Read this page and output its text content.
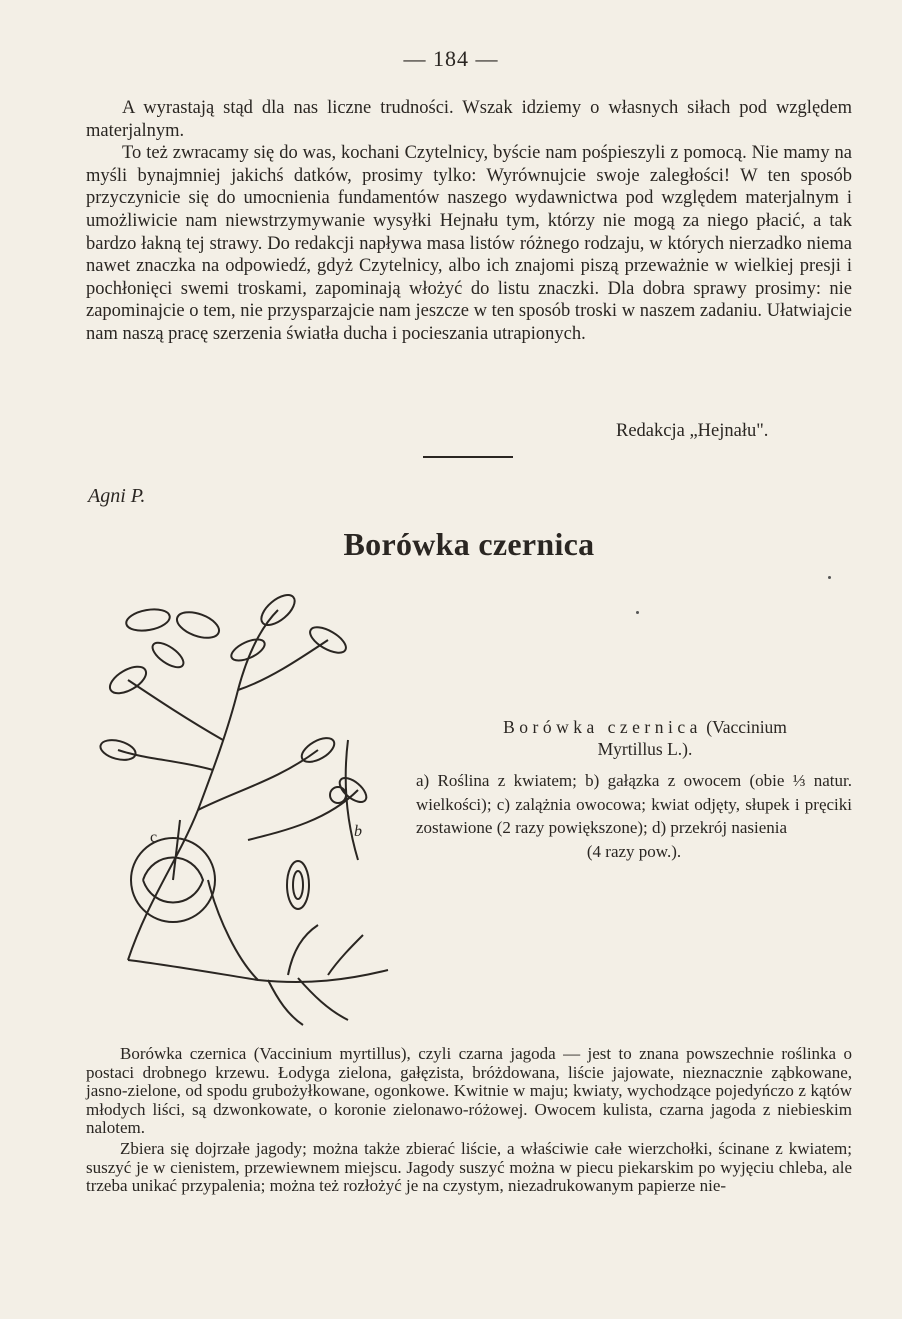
— 184 —

A wyrastają stąd dla nas liczne trudności. Wszak idziemy o własnych siłach pod względem materjalnym.

To też zwracamy się do was, kochani Czytelnicy, byście nam pośpieszyli z pomocą. Nie mamy na myśli bynajmniej jakichś datków, prosimy tylko: Wyrównujcie swoje zaległości! W ten sposób przyczynicie się do umocnienia fundamentów naszego wydawnictwa pod względem materjalnym i umożliwicie nam niewstrzymywanie wysyłki Hejnału tym, którzy nie mogą za niego płacić, a tak bardzo łakną tej strawy. Do redakcji napływa masa listów różnego rodzaju, w których nierzadko niema nawet znaczka na odpowiedź, gdyż Czytelnicy, albo ich znajomi piszą przeważnie w wielkiej presji i pochłonięci swemi troskami, zapominają włożyć do listu znaczki. Dla dobra sprawy prosimy: nie zapominajcie o tem, nie przysparzajcie nam jeszcze w ten sposób troski w naszem zadaniu. Ułatwiajcie nam naszą pracę szerzenia światła ducha i pocieszania utrapionych.

Redakcja „Hejnału".
Agni P.
Borówka czernica
c	b
Borówka czernica (Vaccinium
Myrtillus L.).
a) Roślina z kwiatem; b) gałązka z owocem (obie ⅓ natur. wielkości); c) zalążnia owocowa; kwiat odjęty, słupek i pręciki zostawione (2 razy powiększone); d) przekrój nasienia
(4 razy pow.).

Borówka czernica (Vaccinium myrtillus), czyli czarna jagoda — jest to znana powszechnie roślinka o postaci drobnego krzewu. Łodyga zielona, gałęzista, bróżdowana, liście jajowate, nieznacznie ząbkowane, jasno-zielone, od spodu grubożyłkowane, ogonkowe. Kwitnie w maju; kwiaty, wychodzące pojedyńczo z kątów młodych liści, są dzwonkowate, o koronie zielonawo-różowej. Owocem kulista, czarna jagoda z niebieskim nalotem.

Zbiera się dojrzałe jagody; można także zbierać liście, a właściwie całe wierzchołki, ścinane z kwiatem; suszyć je w cienistem, przewiewnem miejscu. Jagody suszyć można w piecu piekarskim po wyjęciu chleba, ale trzeba unikać przypalenia; można też rozłożyć je na czystym, niezadrukowanym papierze nie-
